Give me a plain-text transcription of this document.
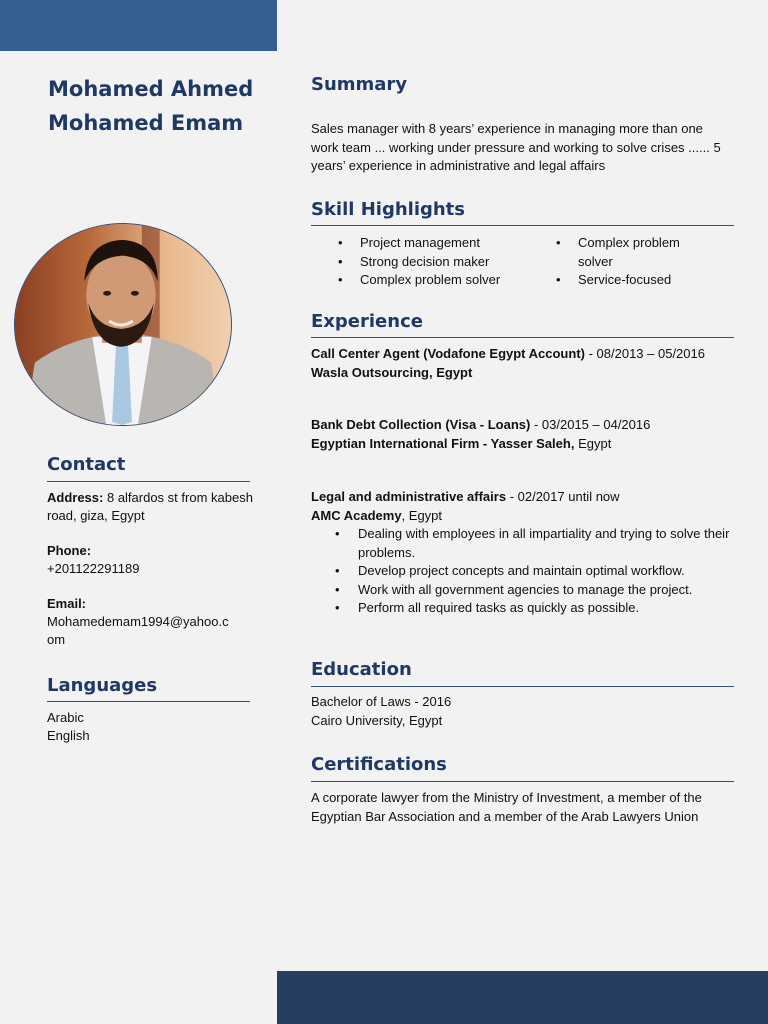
Mohamed Ahmed
Mohamed Emam
Contact
Address: 8 alfardos st from kabesh road, giza, Egypt
Phone:
+201122291189
Email:
Mohamedemam1994@yahoo.c
om
Languages
Arabic
English
Summary
Sales manager with 8 years’ experience in managing more than one work team ... working under pressure and working to solve crises ...... 5 years’ experience in administrative and legal affairs
Skill Highlights
• Project management
• Strong decision maker
• Complex problem solver
• Complex problem solver
• Service-focused
Experience
Call Center Agent (Vodafone Egypt Account) - 08/2013 – 05/2016
Wasla Outsourcing, Egypt
Bank Debt Collection (Visa - Loans) - 03/2015 – 04/2016
Egyptian International Firm - Yasser Saleh, Egypt
Legal and administrative affairs - 02/2017 until now
AMC Academy, Egypt
• Dealing with employees in all impartiality and trying to solve their problems.
• Develop project concepts and maintain optimal workflow.
• Work with all government agencies to manage the project.
• Perform all required tasks as quickly as possible.
Education
Bachelor of Laws - 2016
Cairo University, Egypt
Certifications
A corporate lawyer from the Ministry of Investment, a member of the Egyptian Bar Association and a member of the Arab Lawyers Union
